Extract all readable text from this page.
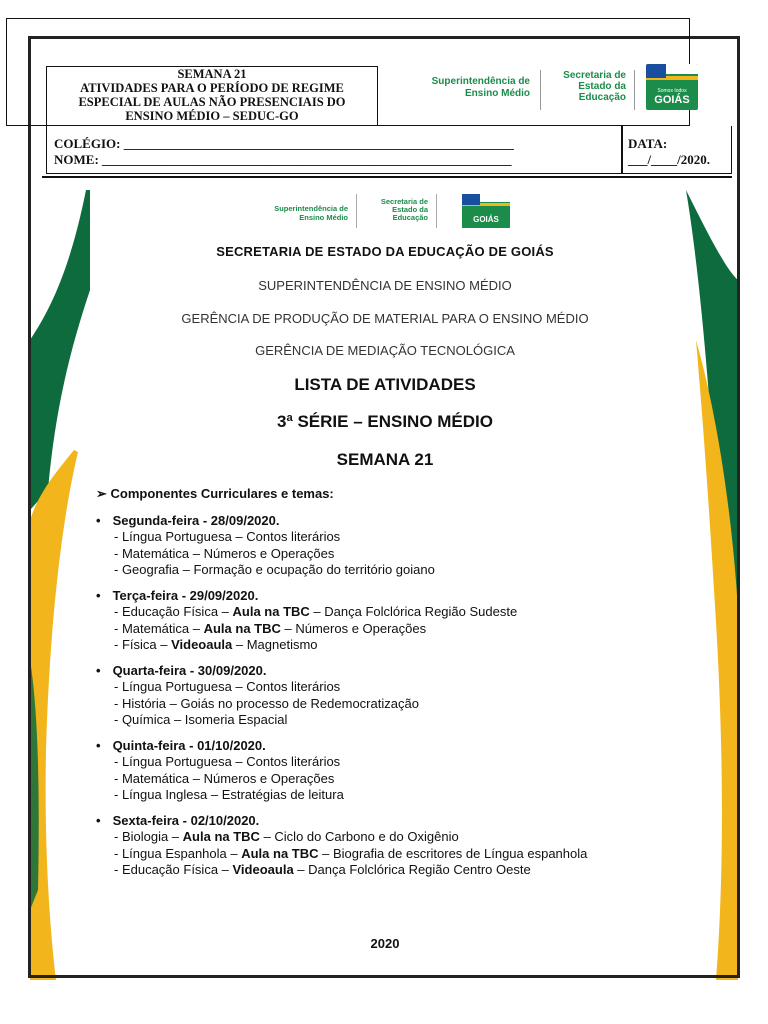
SEMANA 21
ATIVIDADES PARA O PERÍODO DE REGIME
ESPECIAL DE AULAS NÃO PRESENCIAIS DO
ENSINO MÉDIO – SEDUC-GO
Superintendência de
Ensino Médio
Secretaria de
Estado da
Educação
Somos todos
GOIÁS
COLÉGIO: ____________________________________________________________
NOME: _______________________________________________________________
DATA:
___/____/2020.
Superintendência de
Ensino Médio
Secretaria de
Estado da
Educação	GOIÁS
SECRETARIA DE ESTADO DA EDUCAÇÃO DE GOIÁS
SUPERINTENDÊNCIA DE ENSINO MÉDIO
GERÊNCIA DE PRODUÇÃO DE MATERIAL PARA O ENSINO MÉDIO
GERÊNCIA DE MEDIAÇÃO TECNOLÓGICA
LISTA DE ATIVIDADES
3ª SÉRIE – ENSINO MÉDIO
SEMANA 21
➢ Componentes Curriculares e temas:
• Segunda-feira - 28/09/2020.
- Língua Portuguesa – Contos literários
- Matemática – Números e Operações
- Geografia – Formação e ocupação do território goiano
• Terça-feira - 29/09/2020.
- Educação Física – Aula na TBC – Dança Folclórica Região Sudeste
- Matemática – Aula na TBC – Números e Operações
- Física – Videoaula – Magnetismo
• Quarta-feira - 30/09/2020.
- Língua Portuguesa – Contos literários
- História – Goiás no processo de Redemocratização
- Química – Isomeria Espacial
• Quinta-feira - 01/10/2020.
- Língua Portuguesa – Contos literários
- Matemática – Números e Operações
- Língua Inglesa – Estratégias de leitura
• Sexta-feira - 02/10/2020.
- Biologia – Aula na TBC – Ciclo do Carbono e do Oxigênio
- Língua Espanhola – Aula na TBC – Biografia de escritores de Língua espanhola
- Educação Física – Videoaula – Dança Folclórica Região Centro Oeste
2020
